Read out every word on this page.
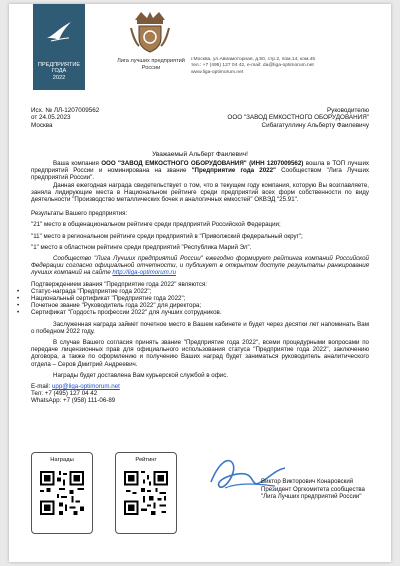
ПРЕДПРИЯТИЕ
ГОДА
2022
Лига лучших предприятий России
г.Москва, ул.Авиамоторная, д.50, стр.2, пом.14, ком.45
тел.: +7 (495) 127 04 42, e-mail: da@liga-optimorum.net
www.liga-optimorum.net
Исх. № ЛЛ-1207009562
от 24.05.2023
Москва
Руководителю
ООО "ЗАВОД ЕМКОСТНОГО ОБОРУДОВАНИЯ"
Сибагатуллину Альберту Фаилевичу
Уважаемый Альберт Фаилевич!

Ваша компания ООО "ЗАВОД ЕМКОСТНОГО ОБОРУДОВАНИЯ" (ИНН 1207009562) вошла в ТОП лучших предприятий России и номинирована на звание "Предприятие года 2022" Сообществом "Лига Лучших предприятий России".

Данная ежегодная награда свидетельствует о том, что в текущем году компания, которую Вы возглавляете, заняла лидирующие места в Национальном рейтинге среди предприятий всех форм собственности по виду деятельности "Производство металлических бочек и аналогичных емкостей" ОКВЭД "25.91".

Результаты Вашего предприятия:

"21" место в общенациональном рейтинге среди предприятий Российской Федерации;

"11" место в региональном рейтинге среди предприятий в "Приволжский федеральный округ";

"1" место в областном рейтинге среди предприятий "Республика Марий Эл".

Сообщество "Лига Лучших предприятий России" ежегодно формирует рейтинга компаний Российской Федерации согласно официальной отчетности, и публикует в открытом доступе результаты ранжирования лучших компаний на сайте http://liga-optimorum.ru

Подтверждением звания "Предприятие года 2022" являются:

• Статус-награда "Предприятие года 2022";

• Национальный сертификат "Предприятие года 2022";

• Почетное звание "Руководитель года 2022" для директора;

• Сертификат "Гордость профессии 2022" для лучших сотрудников.

Заслуженная награда займет почетное место в Вашем кабинете и будет через десятки лет напоминать Вам о победном 2022 году.

В случае Вашего согласия принять звание "Предприятие года 2022", всеми процедурными вопросами по передаче лицензионных прав для официального использования статуса "Предприятие года 2022", заключению договора, а также по оформлению и получению Ваших наград будет заниматься руководитель аналитического отдела – Серов Дмитрий Андреевич.

Награды будет доставлена Вам курьерской службой в офис.

E-mail: upp@liga-optimorum.net

Тел: +7 (495) 127 04 42

WhatsApp: +7 (958) 111-06-89

Виктор Викторович Конаровский
Президент Оргкомитета сообщества
"Лига Лучших предприятий России"
Награды	Рейтинг
